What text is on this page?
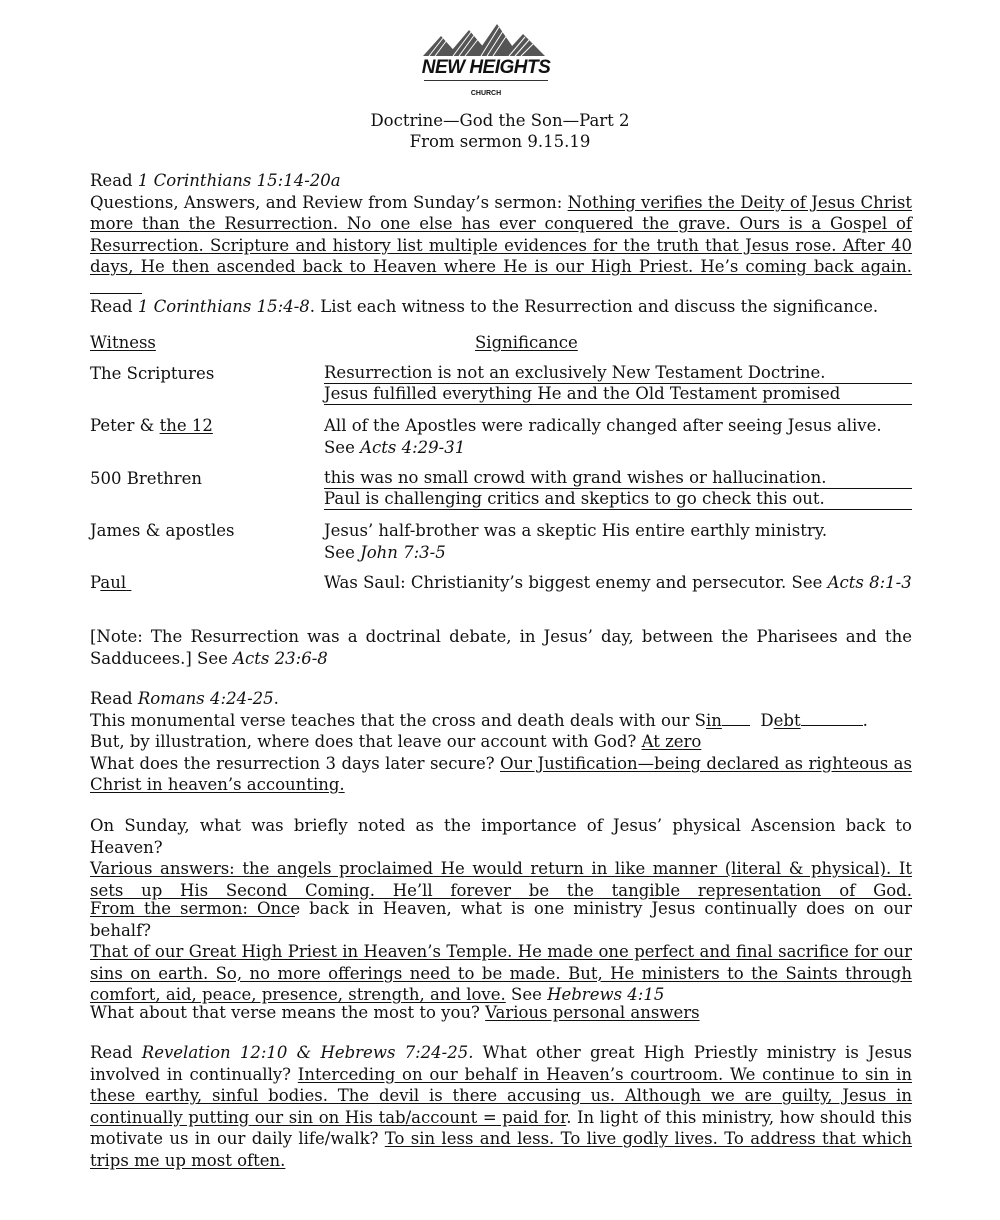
NEW HEIGHTS
CHURCH
Doctrine—God the Son—Part 2
From sermon 9.15.19
Read 1 Corinthians 15:14-20a
Questions, Answers, and Review from Sunday’s sermon: Nothing verifies the Deity of Jesus Christ more than the Resurrection. No one else has ever conquered the grave. Ours is a Gospel of Resurrection. Scripture and history list multiple evidences for the truth that Jesus rose. After 40 days, He then ascended back to Heaven where He is our High Priest. He’s coming back again.
Read 1 Corinthians 15:4-8. List each witness to the Resurrection and discuss the significance.
Witness	Significance
The Scriptures	Resurrection is not an exclusively New Testament Doctrine.
Jesus fulfilled everything He and the Old Testament promised
Peter & the 12	All of the Apostles were radically changed after seeing Jesus alive.
See Acts 4:29-31
500 Brethren	this was no small crowd with grand wishes or hallucination.
Paul is challenging critics and skeptics to go check this out.
James & apostles	Jesus’ half-brother was a skeptic His entire earthly ministry.
See John 7:3-5
Paul	Was Saul: Christianity’s biggest enemy and persecutor. See Acts 8:1-3
[Note: The Resurrection was a doctrinal debate, in Jesus’ day, between the Pharisees and the Sadducees.] See Acts 23:6-8
Read Romans 4:24-25.
This monumental verse teaches that the cross and death deals with our Sin Debt	.
But, by illustration, where does that leave our account with God? At zero
What does the resurrection 3 days later secure? Our Justification—being declared as righteous as Christ in heaven’s accounting.
On Sunday, what was briefly noted as the importance of Jesus’ physical Ascension back to Heaven?
Various answers: the angels proclaimed He would return in like manner (literal & physical). It sets up His Second Coming. He’ll forever be the tangible representation of God.
From the sermon: Once back in Heaven, what is one ministry Jesus continually does on our behalf?
That of our Great High Priest in Heaven’s Temple. He made one perfect and final sacrifice for our sins on earth. So, no more offerings need to be made. But, He ministers to the Saints through comfort, aid, peace, presence, strength, and love. See Hebrews 4:15
What about that verse means the most to you? Various personal answers
Read Revelation 12:10 & Hebrews 7:24-25. What other great High Priestly ministry is Jesus involved in continually? Interceding on our behalf in Heaven’s courtroom. We continue to sin in these earthy, sinful bodies. The devil is there accusing us. Although we are guilty, Jesus in continually putting our sin on His tab/account = paid for. In light of this ministry, how should this motivate us in our daily life/walk? To sin less and less. To live godly lives. To address that which trips me up most often.
